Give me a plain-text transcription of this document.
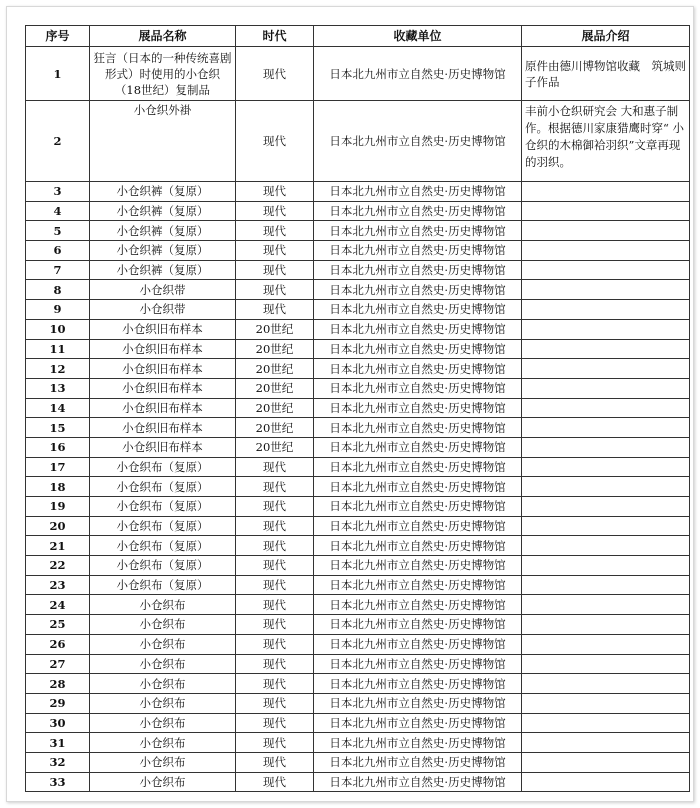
序号	展品名称	时代	收藏单位	展品介绍
1	狂言（日本的一种传统喜剧形式）时使用的小仓织（18世纪）复制品	现代	日本北九州市立自然史·历史博物馆	原件由德川博物馆收藏　筑城则子作品
2	小仓织外褂	现代	日本北九州市立自然史·历史博物馆	丰前小仓织研究会 大和惠子制作。根据德川家康猎鹰时穿“ 小仓织的木棉御袷羽织”文章再现的羽织。
3	小仓织裤（复原）	现代	日本北九州市立自然史·历史博物馆	
4	小仓织裤（复原）	现代	日本北九州市立自然史·历史博物馆	
5	小仓织裤（复原）	现代	日本北九州市立自然史·历史博物馆	
6	小仓织裤（复原）	现代	日本北九州市立自然史·历史博物馆	
7	小仓织裤（复原）	现代	日本北九州市立自然史·历史博物馆	
8	小仓织带	现代	日本北九州市立自然史·历史博物馆	
9	小仓织带	现代	日本北九州市立自然史·历史博物馆	
10	小仓织旧布样本	20世纪	日本北九州市立自然史·历史博物馆	
11	小仓织旧布样本	20世纪	日本北九州市立自然史·历史博物馆	
12	小仓织旧布样本	20世纪	日本北九州市立自然史·历史博物馆	
13	小仓织旧布样本	20世纪	日本北九州市立自然史·历史博物馆	
14	小仓织旧布样本	20世纪	日本北九州市立自然史·历史博物馆	
15	小仓织旧布样本	20世纪	日本北九州市立自然史·历史博物馆	
16	小仓织旧布样本	20世纪	日本北九州市立自然史·历史博物馆	
17	小仓织布（复原）	现代	日本北九州市立自然史·历史博物馆	
18	小仓织布（复原）	现代	日本北九州市立自然史·历史博物馆	
19	小仓织布（复原）	现代	日本北九州市立自然史·历史博物馆	
20	小仓织布（复原）	现代	日本北九州市立自然史·历史博物馆	
21	小仓织布（复原）	现代	日本北九州市立自然史·历史博物馆	
22	小仓织布（复原）	现代	日本北九州市立自然史·历史博物馆	
23	小仓织布（复原）	现代	日本北九州市立自然史·历史博物馆	
24	小仓织布	现代	日本北九州市立自然史·历史博物馆	
25	小仓织布	现代	日本北九州市立自然史·历史博物馆	
26	小仓织布	现代	日本北九州市立自然史·历史博物馆	
27	小仓织布	现代	日本北九州市立自然史·历史博物馆	
28	小仓织布	现代	日本北九州市立自然史·历史博物馆	
29	小仓织布	现代	日本北九州市立自然史·历史博物馆	
30	小仓织布	现代	日本北九州市立自然史·历史博物馆	
31	小仓织布	现代	日本北九州市立自然史·历史博物馆	
32	小仓织布	现代	日本北九州市立自然史·历史博物馆	
33	小仓织布	现代	日本北九州市立自然史·历史博物馆	
